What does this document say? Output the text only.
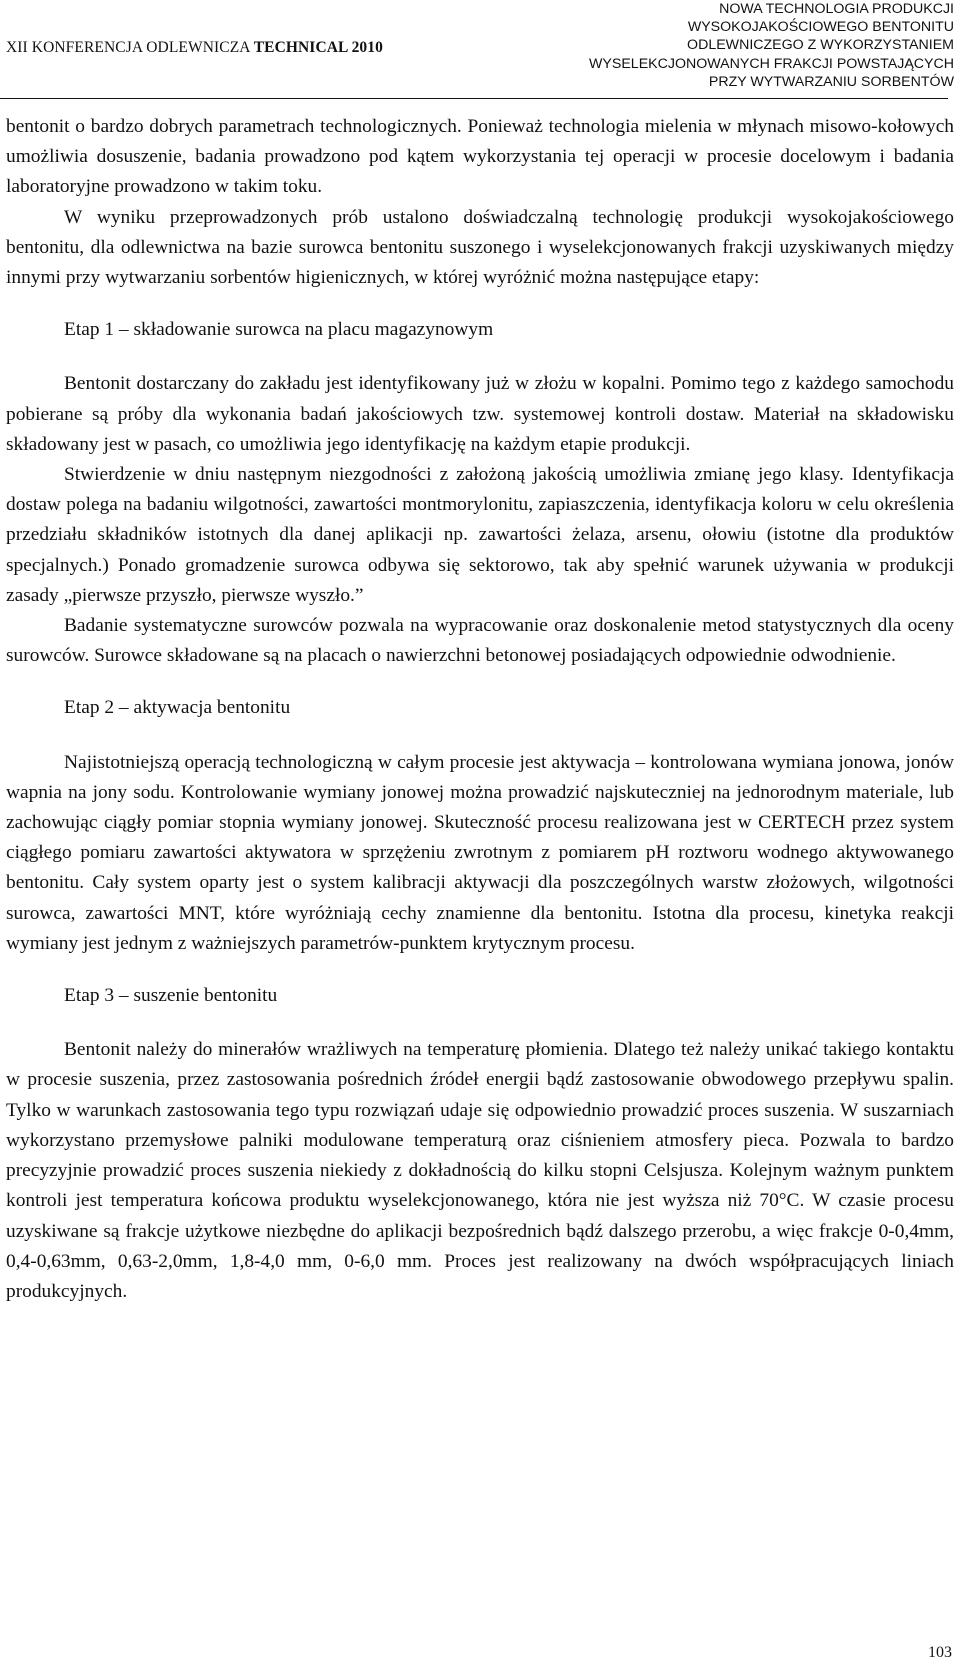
XII KONFERENCJA ODLEWNICZA TECHNICAL 2010
NOWA TECHNOLOGIA PRODUKCJI
WYSOKOJAKOŚCIOWEGO BENTONITU
ODLEWNICZEGO Z WYKORZYSTANIEM
WYSELEKCJONOWANYCH FRAKCJI POWSTAJĄCYCH
PRZY WYTWARZANIU SORBENTÓW

bentonit o bardzo dobrych parametrach technologicznych. Ponieważ technologia mielenia w młynach misowo-kołowych umożliwia dosuszenie, badania prowadzono pod kątem wykorzystania tej operacji w procesie docelowym i badania laboratoryjne prowadzono w takim toku.

W wyniku przeprowadzonych prób ustalono doświadczalną technologię produkcji wysokojakościowego bentonitu, dla odlewnictwa na bazie surowca bentonitu suszonego i wyselekcjonowanych frakcji uzyskiwanych między innymi przy wytwarzaniu sorbentów higienicznych, w której wyróżnić można następujące etapy:

Etap 1 – składowanie surowca na placu magazynowym

Bentonit dostarczany do zakładu jest identyfikowany już w złożu w kopalni. Pomimo tego z każdego samochodu pobierane są próby dla wykonania badań jakościowych tzw. systemowej kontroli dostaw. Materiał na składowisku składowany jest w pasach, co umożliwia jego identyfikację na każdym etapie produkcji.

Stwierdzenie w dniu następnym niezgodności z założoną jakością umożliwia zmianę jego klasy. Identyfikacja dostaw polega na badaniu wilgotności, zawartości montmorylonitu, zapiaszczenia, identyfikacja koloru w celu określenia przedziału składników istotnych dla danej aplikacji np. zawartości żelaza, arsenu, ołowiu (istotne dla produktów specjalnych.) Ponado gromadzenie surowca odbywa się sektorowo, tak aby spełnić warunek używania w produkcji zasady „pierwsze przyszło, pierwsze wyszło.”

Badanie systematyczne surowców pozwala na wypracowanie oraz doskonalenie metod statystycznych dla oceny surowców. Surowce składowane są na placach o nawierzchni betonowej posiadających odpowiednie odwodnienie.

Etap 2 – aktywacja bentonitu

Najistotniejszą operacją technologiczną w całym procesie jest aktywacja – kontrolowana wymiana jonowa, jonów wapnia na jony sodu. Kontrolowanie wymiany jonowej można prowadzić najskuteczniej na jednorodnym materiale, lub zachowując ciągły pomiar stopnia wymiany jonowej. Skuteczność procesu realizowana jest w CERTECH przez system ciągłego pomiaru zawartości aktywatora w sprzężeniu zwrotnym z pomiarem pH roztworu wodnego aktywowanego bentonitu. Cały system oparty jest o system kalibracji aktywacji dla poszczególnych warstw złożowych, wilgotności surowca, zawartości MNT, które wyróżniają cechy znamienne dla bentonitu. Istotna dla procesu, kinetyka reakcji wymiany jest jednym z ważniejszych parametrów-punktem krytycznym procesu.

Etap 3 – suszenie bentonitu

Bentonit należy do minerałów wrażliwych na temperaturę płomienia. Dlatego też należy unikać takiego kontaktu w procesie suszenia, przez zastosowania pośrednich źródeł energii bądź zastosowanie obwodowego przepływu spalin. Tylko w warunkach zastosowania tego typu rozwiązań udaje się odpowiednio prowadzić proces suszenia. W suszarniach wykorzystano przemysłowe palniki modulowane temperaturą oraz ciśnieniem atmosfery pieca. Pozwala to bardzo precyzyjnie prowadzić proces suszenia niekiedy z dokładnością do kilku stopni Celsjusza. Kolejnym ważnym punktem kontroli jest temperatura końcowa produktu wyselekcjonowanego, która nie jest wyższa niż 70°C. W czasie procesu uzyskiwane są frakcje użytkowe niezbędne do aplikacji bezpośrednich bądź dalszego przerobu, a więc frakcje 0-0,4mm, 0,4-0,63mm, 0,63-2,0mm, 1,8-4,0 mm, 0-6,0 mm. Proces jest realizowany na dwóch współpracujących liniach produkcyjnych.

103
